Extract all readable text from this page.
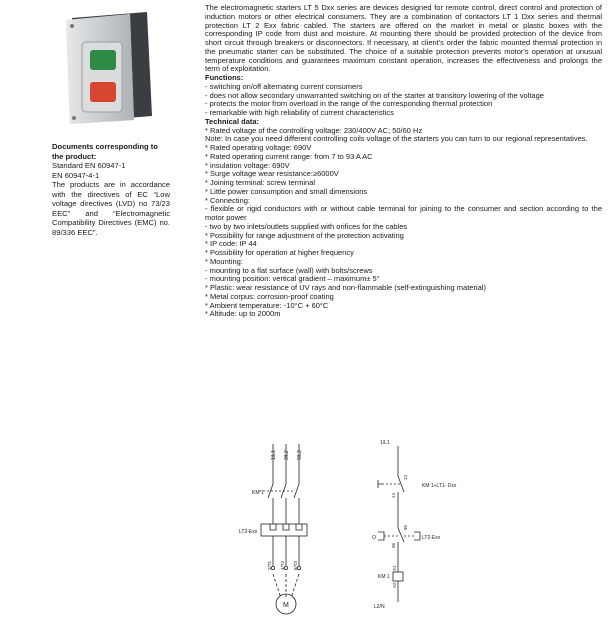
Documents corresponding to the product:
Standard EN 60947-1
EN 60947-4-1
The products are in accordance with the directives of EC “Low voltage directives (LVD) no 73/23 EEC” and “Electromagnetic Compatibility Directives (EMC) no. 89/336 EEC”.

The electromagnetic starters LT 5 Dxx series are devices designed for remote control, direct control and protection of induction motors or other electrical consumers. They are a combination of contactors LT 1 Dxx series and thermal protection LT 2 Exx fabric cabled. The starters are offered on the market in metal or plastic boxes with the corresponding IP code from dust and moisture. At mounting there should be provided protection of the device from short circuit through breakers or disconnectors. If necessary, at client's order the fabric mounted thermal protection in the pneumatic starter can be substituted. The choice of a suitable protection prevents motor's operation at unusual temperature conditions and guarantees maximum constant operation, increases the effectiveness and prolongs the term of exploitation.

Functions:
- switching on/off alternating current consumers
- does not allow secondary unwarranted switching on of the starter at transitory lowering of the voltage
- protects the motor from overload in the range of the corresponding thermal protection
- remarkable with high reliability of current characteristics
Technical data:
* Rated voltage of the controlling voltage: 230/400V AC; 50/60 Hz

Note: In case you need different controlling coils voltage of the starters you can turn to our regional representatives.

* Rated operating voltage: 690V
* Rated operating current range: from 7 to 93 A AC
* insulation voltage: 690V
* Surge voltage wear resistance:≥6000V
* Joining terminal: screw terminal
* Little power consumption and small dimensions
* Connecting:

- flexible or rigid conductors with or without cable terminal for joining to the consumer and section according to the motor power

- two by two inlets/outlets supplied with orifices for the cables
* Possibility for range adjustment of the protection activating
* IP code: IP 44
* Possibility for operation at higher frequency
* Mounting:
- mounting to a flat surface (wall) with bolts/screws
- mounting position: vertical gradient – maximum± 5°
* Plastic: wear resistance of UV rays and non-flammable (self-extinguishing material)
* Metal corpus: corrosion-proof coating
* Ambient temperature: -10°C + 60°C
* Altitude: up to 2000m
1/L1 3/L2 5/L3
KM 1
LT2-Exx
2/T1 4/T2 6/T3
M
1/L1
KM 1÷LT1- Dxx
13
14
O	LT2-Exx
95
96
KM 1
A1
A2
L2/N
